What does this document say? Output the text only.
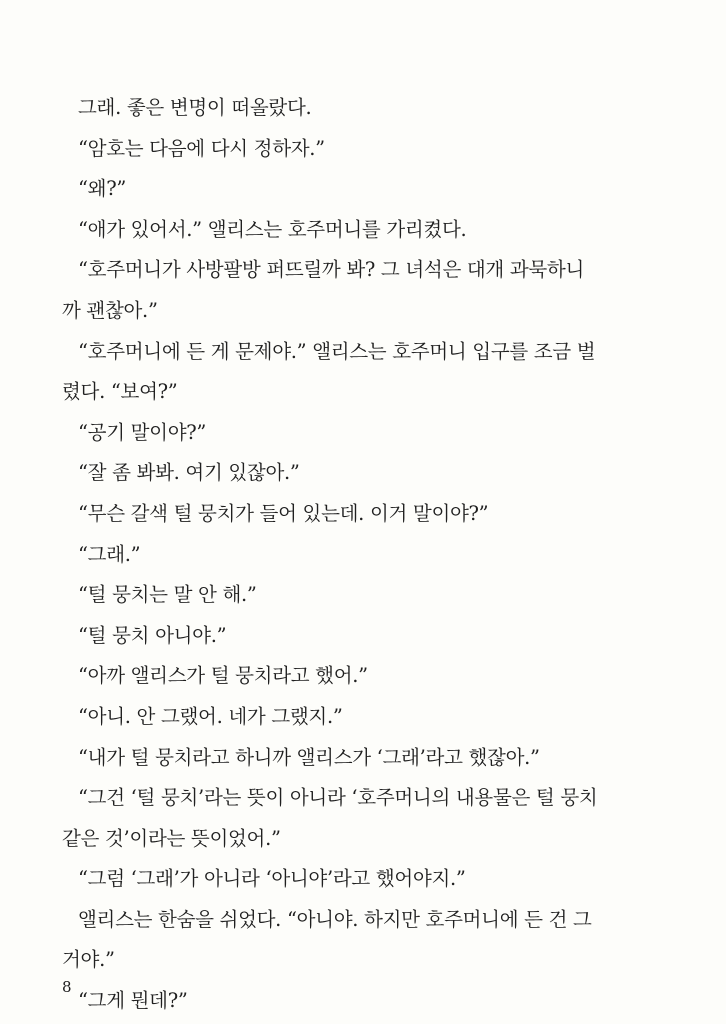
그래. 좋은 변명이 떠올랐다.

“암호는 다음에 다시 정하자.”

“왜?”

“애가 있어서.” 앨리스는 호주머니를 가리켰다.

“호주머니가 사방팔방 퍼뜨릴까 봐? 그 녀석은 대개 과묵하니
까 괜찮아.”

“호주머니에 든 게 문제야.” 앨리스는 호주머니 입구를 조금 벌
렸다. “보여?”

“공기 말이야?”

“잘 좀 봐봐. 여기 있잖아.”

“무슨 갈색 털 뭉치가 들어 있는데. 이거 말이야?”

“그래.”

“털 뭉치는 말 안 해.”

“털 뭉치 아니야.”

“아까 앨리스가 털 뭉치라고 했어.”

“아니. 안 그랬어. 네가 그랬지.”

“내가 털 뭉치라고 하니까 앨리스가 ‘그래’라고 했잖아.”

“그건 ‘털 뭉치’라는 뜻이 아니라 ‘호주머니의 내용물은 털 뭉치
같은 것’이라는 뜻이었어.”

“그럼 ‘그래’가 아니라 ‘아니야’라고 했어야지.”

앨리스는 한숨을 쉬었다. “아니야. 하지만 호주머니에 든 건 그
거야.”

“그게 뭔데?”

8
